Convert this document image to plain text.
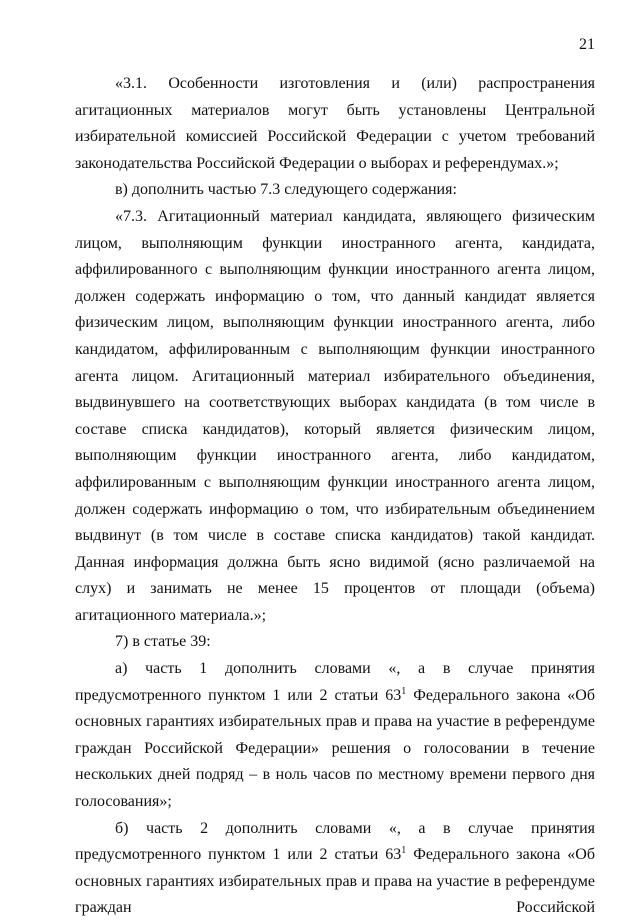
21

«3.1. Особенности изготовления и (или) распространения агитационных материалов могут быть установлены Центральной избирательной комиссией Российской Федерации с учетом требований законодательства Российской Федерации о выборах и референдумах.»;

в) дополнить частью 7.3 следующего содержания:

«7.3. Агитационный материал кандидата, являющего физическим лицом, выполняющим функции иностранного агента, кандидата, аффилированного с выполняющим функции иностранного агента лицом, должен содержать информацию о том, что данный кандидат является физическим лицом, выполняющим функции иностранного агента, либо кандидатом, аффилированным с выполняющим функции иностранного агента лицом. Агитационный материал избирательного объединения, выдвинувшего на соответствующих выборах кандидата (в том числе в составе списка кандидатов), который является физическим лицом, выполняющим функции иностранного агента, либо кандидатом, аффилированным с выполняющим функции иностранного агента лицом, должен содержать информацию о том, что избирательным объединением выдвинут (в том числе в составе списка кандидатов) такой кандидат. Данная информация должна быть ясно видимой (ясно различаемой на слух) и занимать не менее 15 процентов от площади (объема) агитационного материала.»;

7) в статье 39:

а) часть 1 дополнить словами «, а в случае принятия предусмотренного пунктом 1 или 2 статьи $63^1$ Федерального закона «Об основных гарантиях избирательных прав и права на участие в референдуме граждан Российской Федерации» решения о голосовании в течение нескольких дней подряд – в ноль часов по местному времени первого дня голосования»;

б) часть 2 дополнить словами «, а в случае принятия предусмотренного пунктом 1 или 2 статьи $63^1$ Федерального закона «Об основных гарантиях избирательных прав и права на участие в референдуме граждан Российской
